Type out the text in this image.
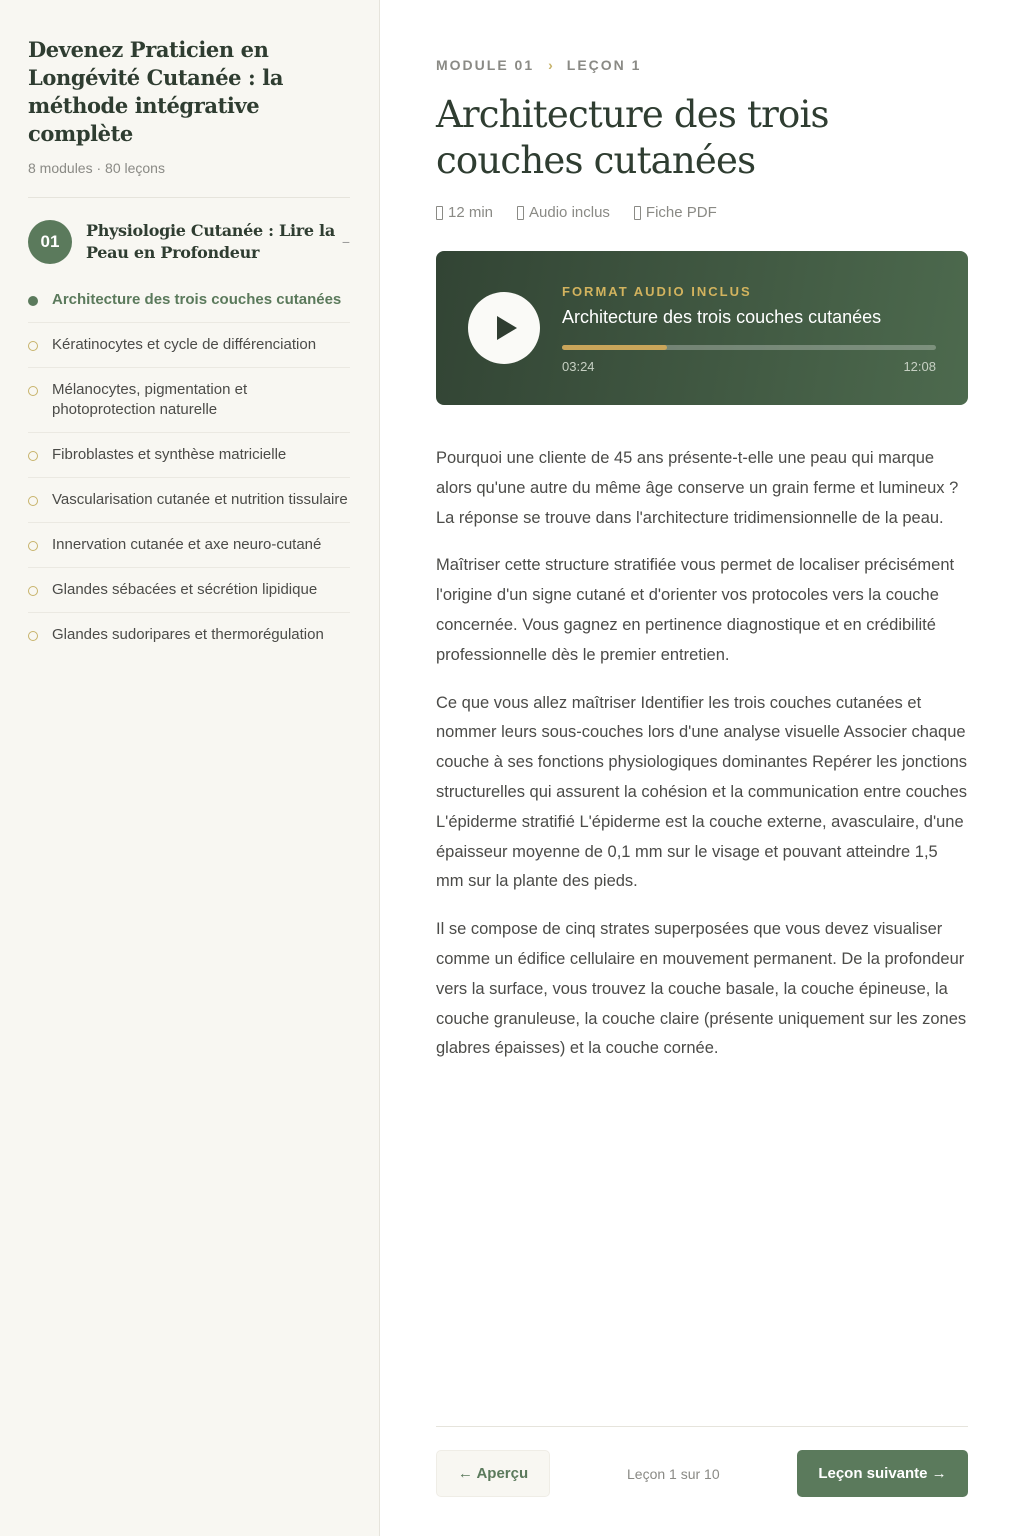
Devenez Praticien en Longévité Cutanée : la méthode intégrative complète
8 modules · 80 leçons
01
Physiologie Cutanée : Lire la Peau en Profondeur
−
Architecture des trois couches cutanées
Kératinocytes et cycle de différenciation
Mélanocytes, pigmentation et photoprotection naturelle
Fibroblastes et synthèse matricielle
Vascularisation cutanée et nutrition tissulaire
Innervation cutanée et axe neuro-cutané
Glandes sébacées et sécrétion lipidique
Glandes sudoripares et thermorégulation
MODULE 01 › LEÇON 1
Architecture des trois couches cutanées
12 min Audio inclus Fiche PDF
FORMAT AUDIO INCLUS
Architecture des trois couches cutanées
03:24	12:08

Pourquoi une cliente de 45 ans présente-t-elle une peau qui marque alors qu'une autre du même âge conserve un grain ferme et lumineux ? La réponse se trouve dans l'architecture tridimensionnelle de la peau.

Maîtriser cette structure stratifiée vous permet de localiser précisément l'origine d'un signe cutané et d'orienter vos protocoles vers la couche concernée. Vous gagnez en pertinence diagnostique et en crédibilité professionnelle dès le premier entretien.

Ce que vous allez maîtriser Identifier les trois couches cutanées et nommer leurs sous-couches lors d'une analyse visuelle Associer chaque couche à ses fonctions physiologiques dominantes Repérer les jonctions structurelles qui assurent la cohésion et la communication entre couches L'épiderme stratifié L'épiderme est la couche externe, avasculaire, d'une épaisseur moyenne de 0,1 mm sur le visage et pouvant atteindre 1,5 mm sur la plante des pieds.

Il se compose de cinq strates superposées que vous devez visualiser comme un édifice cellulaire en mouvement permanent. De la profondeur vers la surface, vous trouvez la couche basale, la couche épineuse, la couche granuleuse, la couche claire (présente uniquement sur les zones glabres épaisses) et la couche cornée.

← Aperçu	Leçon 1 sur 10	Leçon suivante →
